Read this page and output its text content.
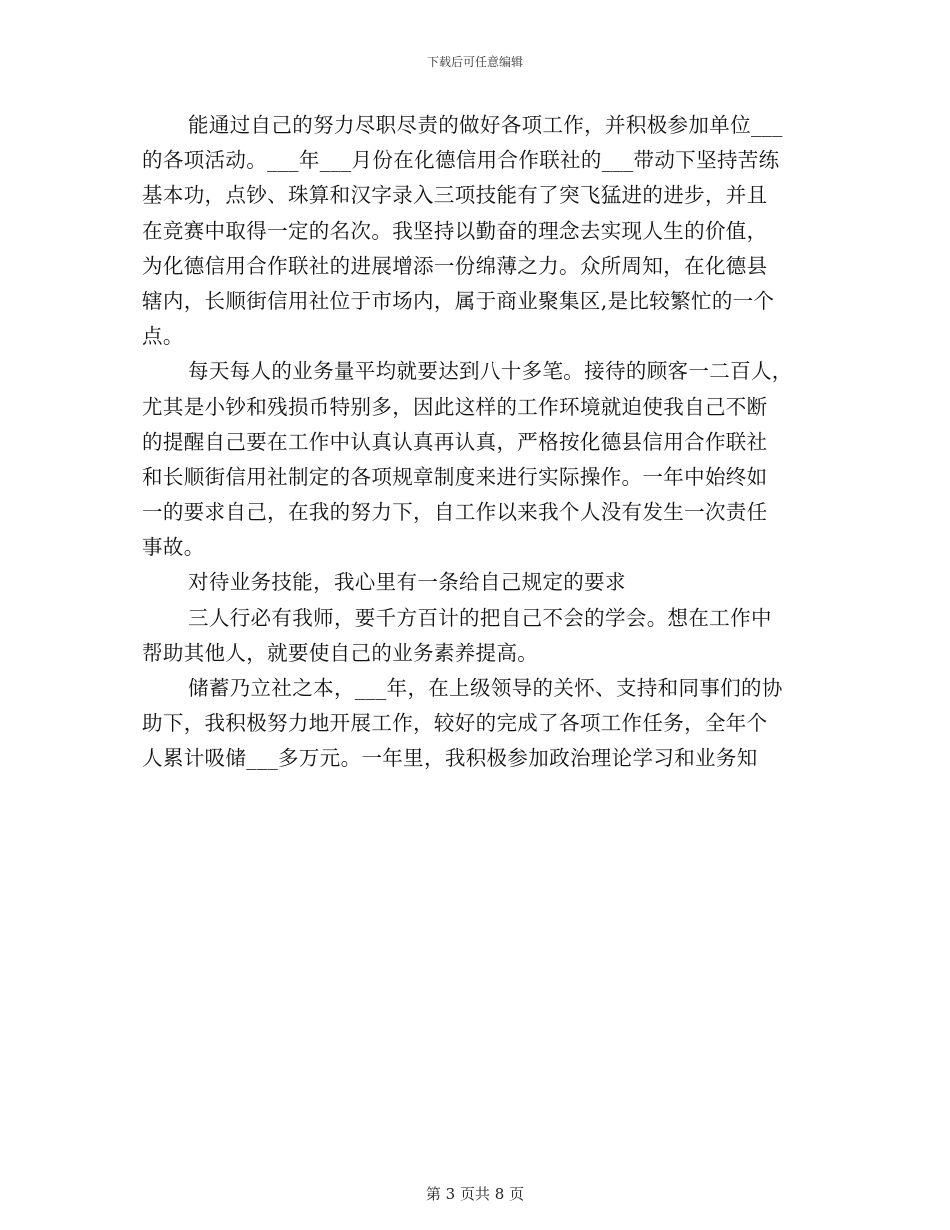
下载后可任意编辑
能通过自己的努力尽职尽责的做好各项工作，并积极参加单位___
的各项活动。___年___月份在化德信用合作联社的___带动下坚持苦练
基本功，点钞、珠算和汉字录入三项技能有了突飞猛进的进步，并且
在竞赛中取得一定的名次。我坚持以勤奋的理念去实现人生的价值，
为化德信用合作联社的进展增添一份绵薄之力。众所周知，在化德县
辖内，长顺街信用社位于市场内，属于商业聚集区,是比较繁忙的一个
点。
每天每人的业务量平均就要达到八十多笔。接待的顾客一二百人，
尤其是小钞和残损币特别多，因此这样的工作环境就迫使我自己不断
的提醒自己要在工作中认真认真再认真，严格按化德县信用合作联社
和长顺街信用社制定的各项规章制度来进行实际操作。一年中始终如
一的要求自己，在我的努力下，自工作以来我个人没有发生一次责任
事故。
对待业务技能，我心里有一条给自己规定的要求
三人行必有我师，要千方百计的把自己不会的学会。想在工作中
帮助其他人，就要使自己的业务素养提高。
储蓄乃立社之本，___年，在上级领导的关怀、支持和同事们的协
助下，我积极努力地开展工作，较好的完成了各项工作任务，全年个
人累计吸储___多万元。一年里，我积极参加政治理论学习和业务知
第 3 页共 8 页
